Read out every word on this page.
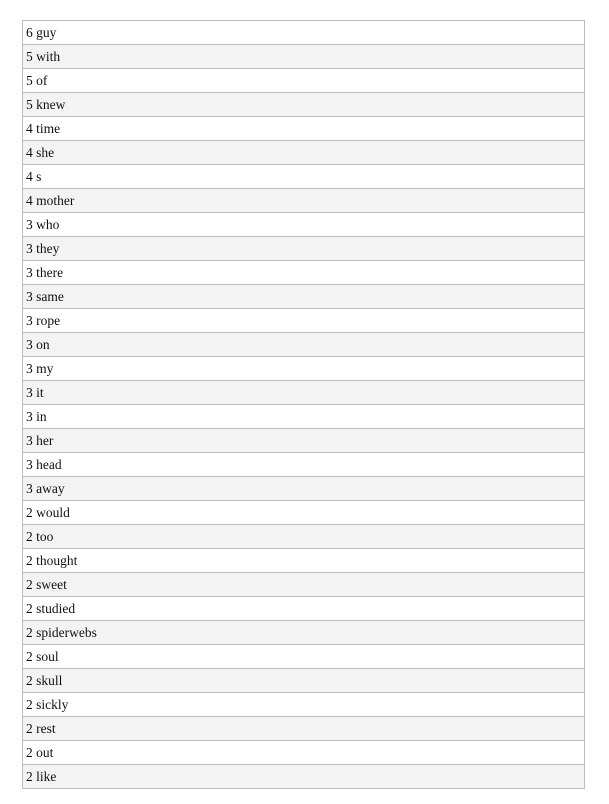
6 guy
5 with
5 of
5 knew
4 time
4 she
4 s
4 mother
3 who
3 they
3 there
3 same
3 rope
3 on
3 my
3 it
3 in
3 her
3 head
3 away
2 would
2 too
2 thought
2 sweet
2 studied
2 spiderwebs
2 soul
2 skull
2 sickly
2 rest
2 out
2 like
